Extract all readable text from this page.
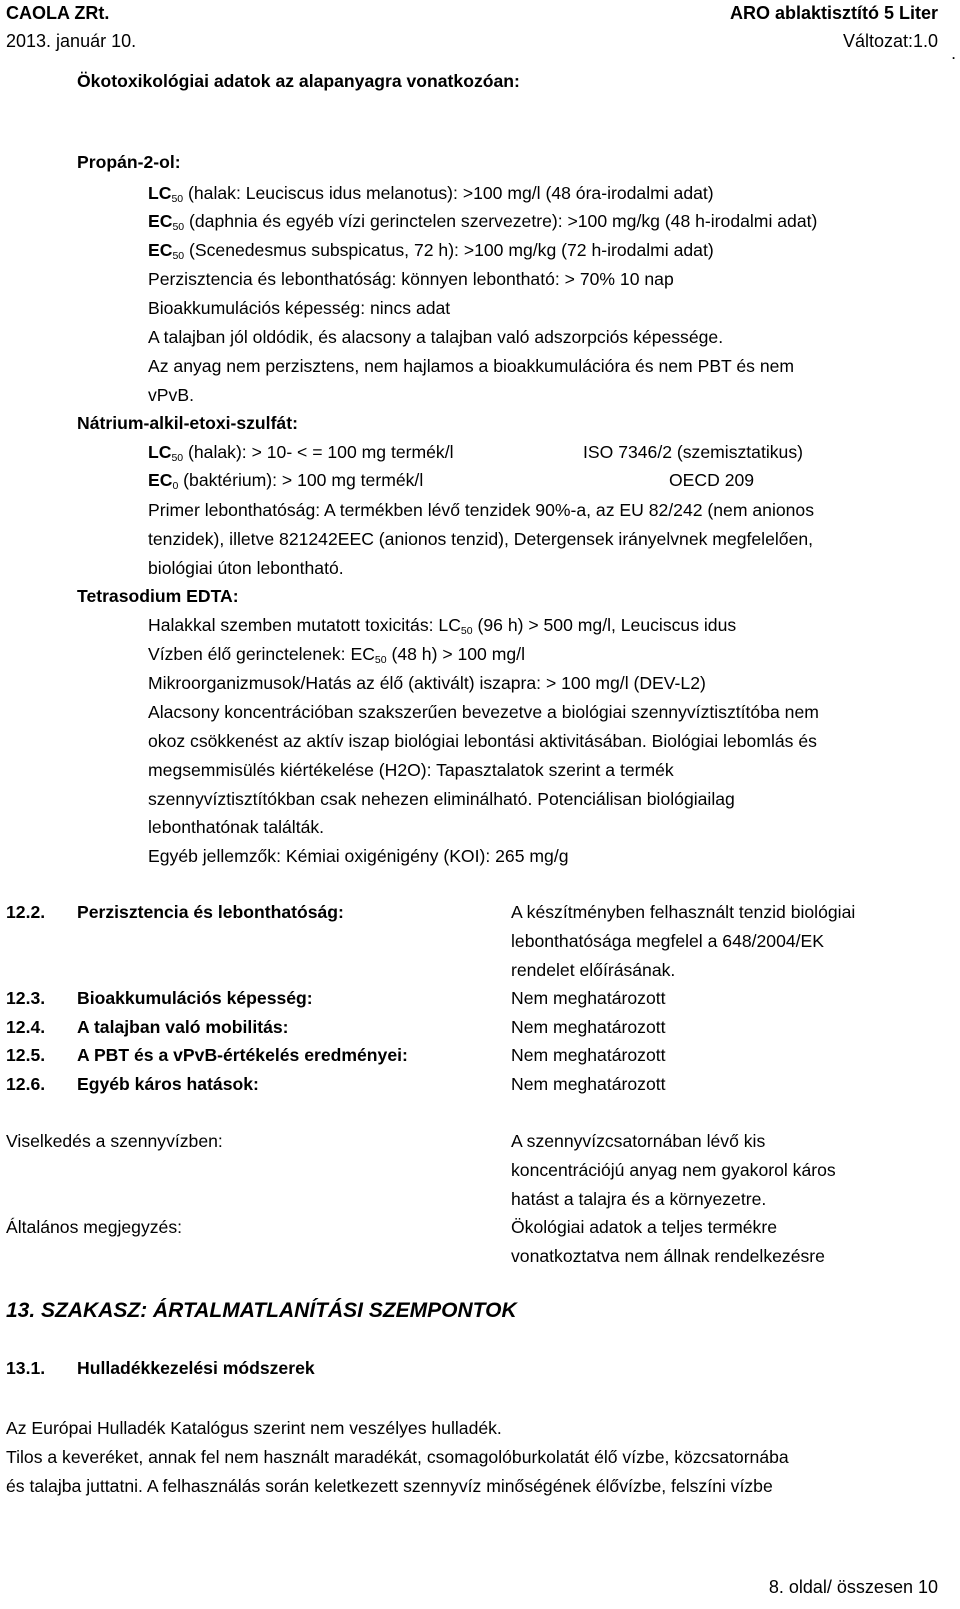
CAOLA ZRt.	ARO ablaktisztító 5 Liter
2013. január 10.	Változat:1.0
.
Ökotoxikológiai adatok az alapanyagra vonatkozóan:
Propán-2-ol:
$LC_{50}$ (halak: Leuciscus idus melanotus): >100 mg/l (48 óra-irodalmi adat)
$EC_{50}$ (daphnia és egyéb vízi gerinctelen szervezetre): >100 mg/kg (48 h-irodalmi adat)
$EC_{50}$ (Scenedesmus subspicatus, 72 h): >100 mg/kg (72 h-irodalmi adat)
Perzisztencia és lebonthatóság: könnyen lebontható: > 70% 10 nap
Bioakkumulációs képesség: nincs adat
A talajban jól oldódik, és alacsony a talajban való adszorpciós képessége.
Az anyag nem perzisztens, nem hajlamos a bioakkumulációra és nem PBT és nem
vPvB.
Nátrium-alkil-etoxi-szulfát:
$LC_{50}$ (halak): > 10- < = 100 mg termék/l	ISO 7346/2 (szemisztatikus)
$EC_0$ (baktérium): > 100 mg termék/l	OECD 209
Primer lebonthatóság: A termékben lévő tenzidek 90%-a, az EU 82/242 (nem anionos
tenzidek), illetve 821242EEC (anionos tenzid), Detergensek irányelvnek megfelelően,
biológiai úton lebontható.
Tetrasodium EDTA:
Halakkal szemben mutatott toxicitás: $LC_{50}$ (96 h) > 500 mg/l, Leuciscus idus
Vízben élő gerinctelenek: $EC_{50}$ (48 h) > 100 mg/l
Mikroorganizmusok/Hatás az élő (aktivált) iszapra: > 100 mg/l (DEV-L2)
Alacsony koncentrációban szakszerűen bevezetve a biológiai szennyvíztisztítóba nem
okoz csökkenést az aktív iszap biológiai lebontási aktivitásában. Biológiai lebomlás és
megsemmisülés kiértékelése (H2O): Tapasztalatok szerint a termék
szennyvíztisztítókban csak nehezen eliminálható. Potenciálisan biológiailag
lebonthatónak találták.
Egyéb jellemzők: Kémiai oxigénigény (KOI): 265 mg/g
12.2. Perzisztencia és lebonthatóság:	A készítményben felhasznált tenzid biológiai
lebonthatósága megfelel a 648/2004/EK
rendelet előírásának.
12.3. Bioakkumulációs képesség:	Nem meghatározott
12.4. A talajban való mobilitás:	Nem meghatározott
12.5. A PBT és a vPvB-értékelés eredményei:	Nem meghatározott
12.6. Egyéb káros hatások:	Nem meghatározott
Viselkedés a szennyvízben:	A szennyvízcsatornában lévő kis
koncentrációjú anyag nem gyakorol káros
hatást a talajra és a környezetre.
Általános megjegyzés:	Ökológiai adatok a teljes termékre
vonatkoztatva nem állnak rendelkezésre
13. SZAKASZ: ÁRTALMATLANÍTÁSI SZEMPONTOK
13.1. Hulladékkezelési módszerek
Az Európai Hulladék Katalógus szerint nem veszélyes hulladék.
Tilos a keveréket, annak fel nem használt maradékát, csomagolóburkolatát élő vízbe, közcsatornába
és talajba juttatni. A felhasználás során keletkezett szennyvíz minőségének élővízbe, felszíni vízbe
8. oldal/ összesen 10
